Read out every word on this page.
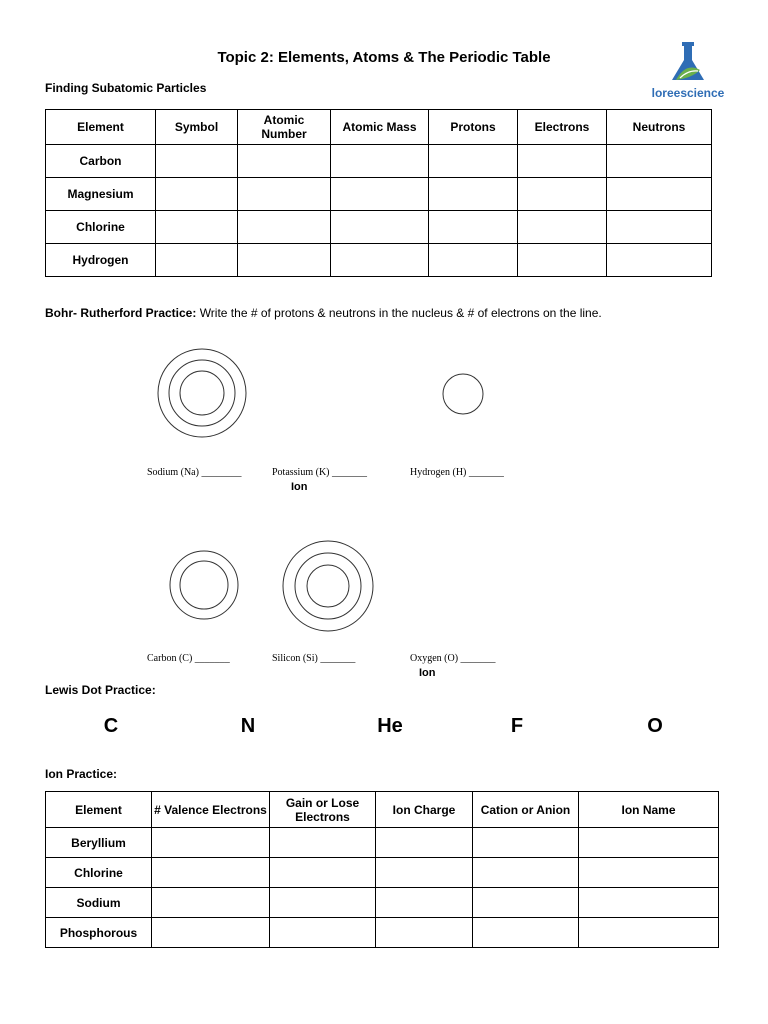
Topic 2: Elements, Atoms & The Periodic Table
loreescience
Finding Subatomic Particles
Element	Symbol	Atomic Number	Atomic Mass	Protons	Electrons	Neutrons
Carbon						
Magnesium						
Chlorine						
Hydrogen						
Bohr- Rutherford Practice: Write the # of protons & neutrons in the nucleus & # of electrons on the line.
Sodium (Na) ________	Potassium (K) _______	Hydrogen (H) _______
Ion
Carbon (C) _______	Silicon (Si) _______	Oxygen (O) _______
Ion
Lewis Dot Practice:
C	N	He	F	O
Ion Practice:
Element	# Valence Electrons	Gain or Lose Electrons	Ion Charge	Cation or Anion	Ion Name
Beryllium					
Chlorine					
Sodium					
Phosphorous					
